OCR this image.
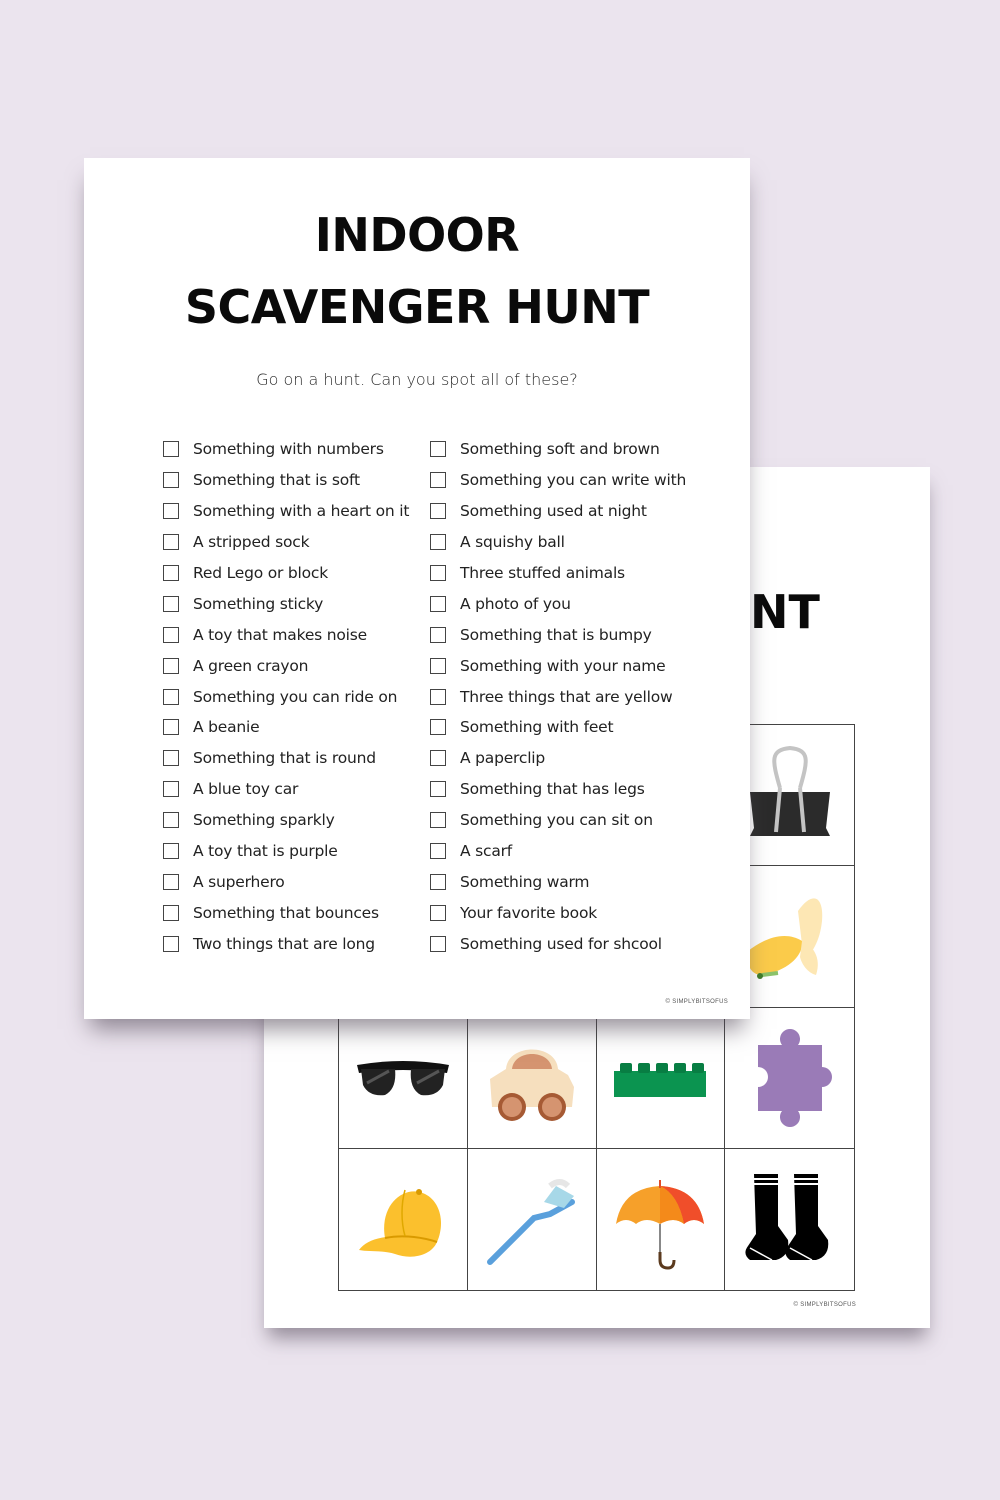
NT
© SIMPLYBITSOFUS
INDOOR
SCAVENGER HUNT
Go on a hunt. Can you spot all of these?
Something with numbers
Something that is soft
Something with a heart on it
A stripped sock
Red Lego or block
Something sticky
A toy that makes noise
A green crayon
Something you can ride on
A beanie
Something that is round
A blue toy car
Something sparkly
A toy that is purple
A superhero
Something that bounces
Two things that are long
Something soft and brown
Something you can write with
Something used at night
A squishy ball
Three stuffed animals
A photo of you
Something that is bumpy
Something with your name
Three things that are yellow
Something with feet
A paperclip
Something that has legs
Something you can sit on
A scarf
Something warm
Your favorite book
Something used for shcool
© SIMPLYBITSOFUS
